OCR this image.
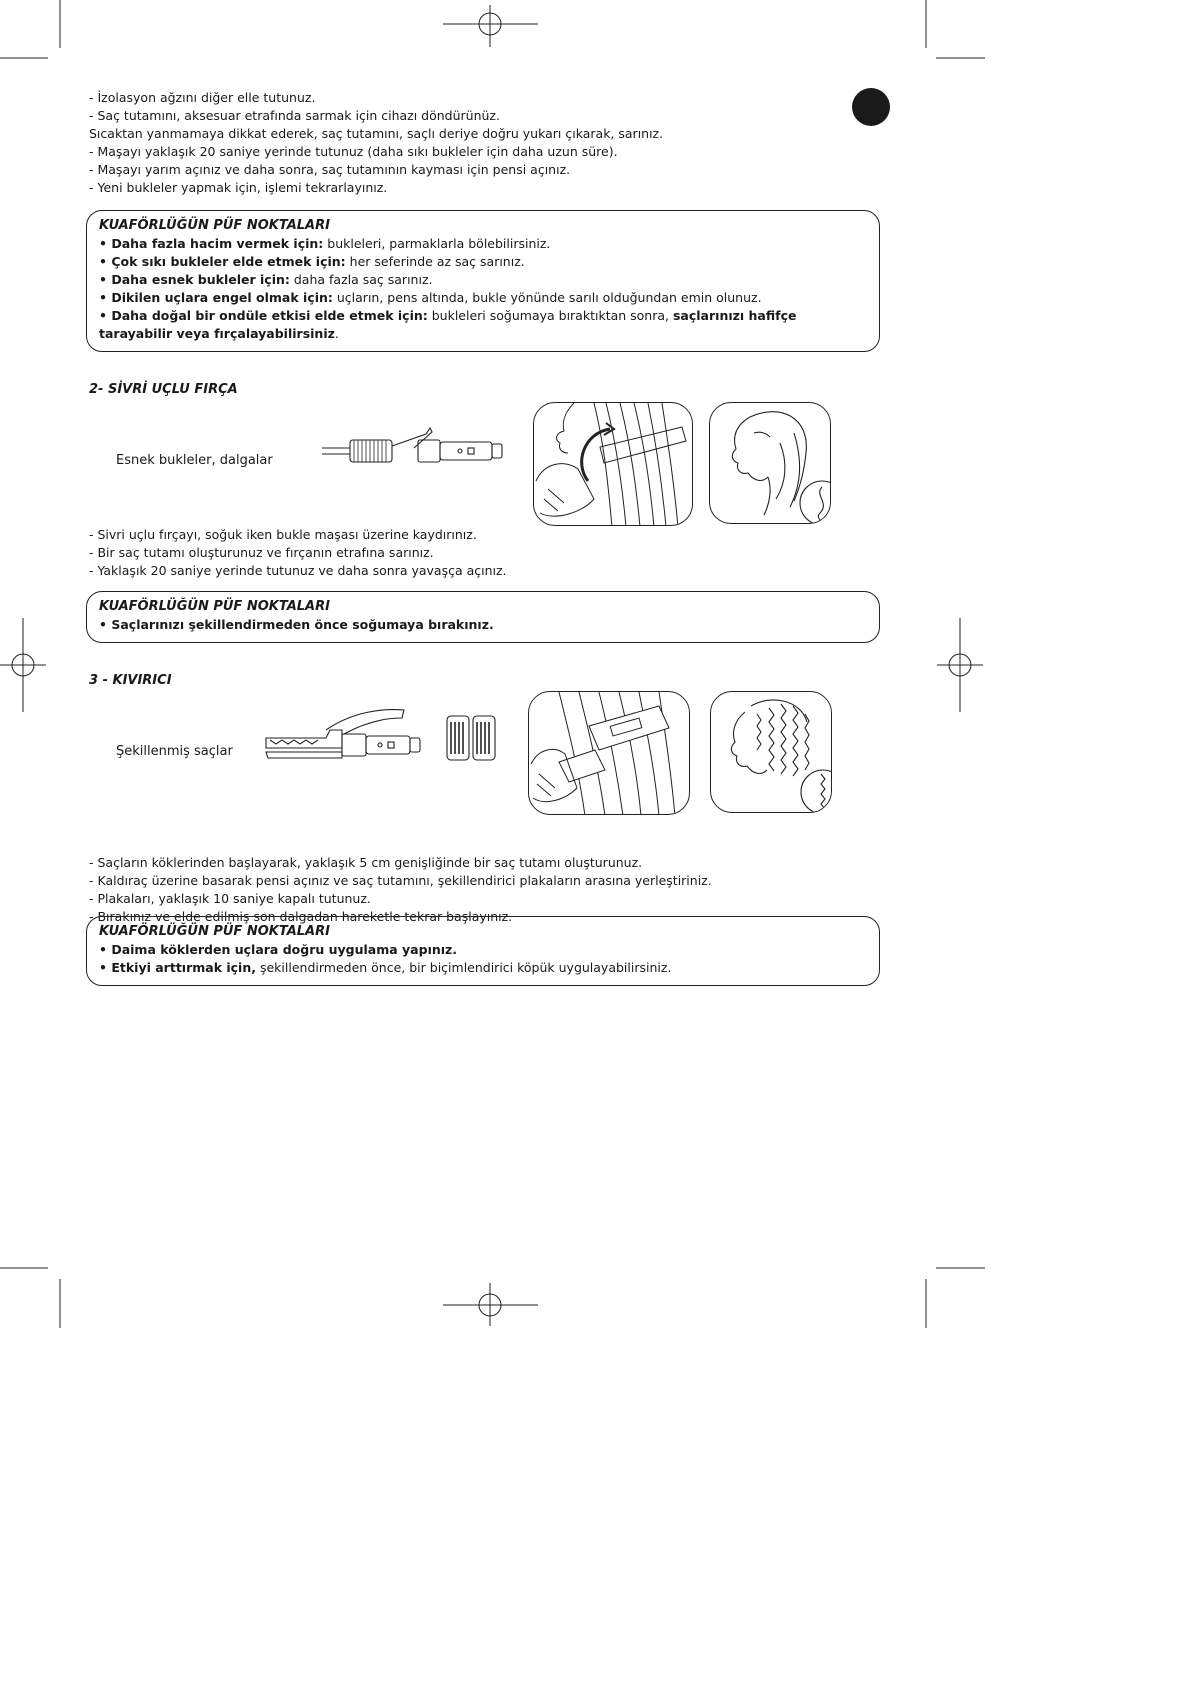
- İzolasyon ağzını diğer elle tutunuz.

- Saç tutamını, aksesuar etrafında sarmak için cihazı döndürünüz.

Sıcaktan yanmamaya dikkat ederek, saç tutamını, saçlı deriye doğru yukarı çıkarak, sarınız.

- Maşayı yaklaşık 20 saniye yerinde tutunuz (daha sıkı bukleler için daha uzun süre).

- Maşayı yarım açınız ve daha sonra, saç tutamının kayması için pensi açınız.

- Yeni bukleler yapmak için, işlemi tekrarlayınız.

KUAFÖRLÜĞÜN PÜF NOKTALARI

• Daha fazla hacim vermek için: bukleleri, parmaklarla bölebilirsiniz.

• Çok sıkı bukleler elde etmek için: her seferinde az saç sarınız.

• Daha esnek bukleler için: daha fazla saç sarınız.

• Dikilen uçlara engel olmak için: uçların, pens altında, bukle yönünde sarılı olduğundan emin olunuz.

• Daha doğal bir ondüle etkisi elde etmek için: bukleleri soğumaya bıraktıktan sonra, saçlarınızı hafifçe

tarayabilir veya fırçalayabilirsiniz.

2- SİVRİ UÇLU FIRÇA

Esnek bukleler, dalgalar

- Sivri uçlu fırçayı, soğuk iken bukle maşası üzerine kaydırınız.

- Bir saç tutamı oluşturunuz ve fırçanın etrafına sarınız.

- Yaklaşık 20 saniye yerinde tutunuz ve daha sonra yavaşça açınız.

KUAFÖRLÜĞÜN PÜF NOKTALARI

• Saçlarınızı şekillendirmeden önce soğumaya bırakınız.

3 - KIVIRICI

Şekillenmiş saçlar

- Saçların köklerinden başlayarak, yaklaşık 5 cm genişliğinde bir saç tutamı oluşturunuz.

- Kaldıraç üzerine basarak pensi açınız ve saç tutamını, şekillendirici plakaların arasına yerleştiriniz.

- Plakaları, yaklaşık 10 saniye kapalı tutunuz.

- Bırakınız ve elde edilmiş son dalgadan hareketle tekrar başlayınız.

KUAFÖRLÜĞÜN PÜF NOKTALARI

• Daima köklerden uçlara doğru uygulama yapınız.

• Etkiyi arttırmak için, şekillendirmeden önce, bir biçimlendirici köpük uygulayabilirsiniz.
